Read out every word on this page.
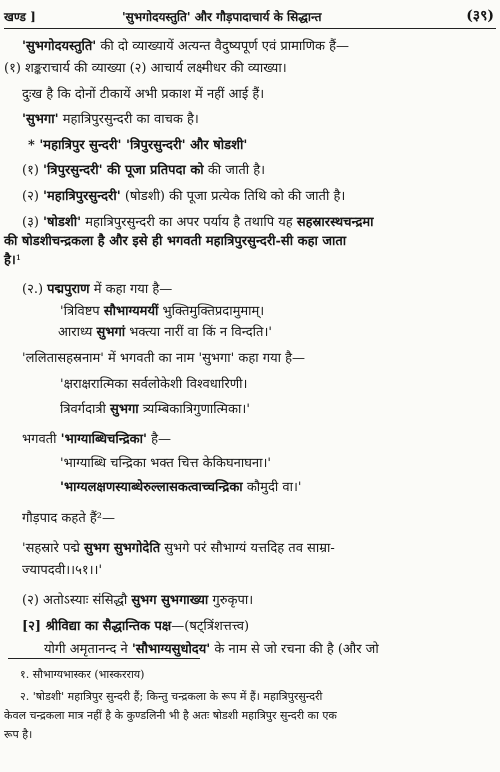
खण्ड ]	'सुभगोदयस्तुति' और गौड़पादाचार्य के सिद्धान्त	(३९)
'सुभगोदयस्तुति' की दो व्याख्यायें अत्यन्त वैदुष्यपूर्ण एवं प्रामाणिक हैं—
(१) शङ्कराचार्य की व्याख्या (२) आचार्य लक्ष्मीधर की व्याख्या।
दुःख है कि दोनों टीकायें अभी प्रकाश में नहीं आई हैं।
'सुभगा' महात्रिपुरसुन्दरी का वाचक है।
* 'महात्रिपुर सुन्दरी' 'त्रिपुरसुन्दरी' और षोडशी'
(१) 'त्रिपुरसुन्दरी' की पूजा प्रतिपदा को की जाती है।
(२) 'महात्रिपुरसुन्दरी' (षोडशी) की पूजा प्रत्येक तिथि को की जाती है।
(३) 'षोडशी' महात्रिपुरसुन्दरी का अपर पर्याय है तथापि यह सहस्रारस्थचन्द्रमा
की षोडशीचन्द्रकला है और इसे ही भगवती महात्रिपुरसुन्दरी-सी कहा जाता
है।¹
(२.) पद्मपुराण में कहा गया है—
'त्रिविष्टप सौभाग्यमयीं भुक्तिमुक्तिप्रदामुमाम्।
आराध्य सुभगां भक्त्या नारीं वा किं न विन्दति।'
'ललितासहस्रनाम' में भगवती का नाम 'सुभगा' कहा गया है—
'क्षराक्षरात्मिका सर्वलोकेशी विश्वधारिणी।
त्रिवर्गदात्री सुभगा त्र्यम्बिकात्रिगुणात्मिका।'
भगवती 'भाग्याब्धिचन्द्रिका' है—
'भाग्याब्धि चन्द्रिका भक्त चित्त केकिघनाघना।'
'भाग्यलक्षणस्याब्धेरुल्लासकत्वाच्चन्द्रिका कौमुदी वा।'
गौड़पाद कहते हैं²—
'सहस्रारे पद्मे सुभग सुभगोदेति सुभगे परं सौभाग्यं यत्तदिह तव साम्रा-
ज्यापदवी।।५१।।'
(२) अतोऽस्याः संसिद्धौ सुभग सुभगाख्या गुरुकृपा।
[२] श्रीविद्या का सैद्धान्तिक पक्ष—(षट्त्रिंशत्तत्त्व)
योगी अमृतानन्द ने 'सौभाग्यसुधोदय' के नाम से जो रचना की है (और जो
१. सौभाग्यभास्कर (भास्करराय)
२. 'षोडशी' महात्रिपुर सुन्दरी हैं; किन्तु चन्द्रकला के रूप में हैं। महात्रिपुरसुन्दरी
केवल चन्द्रकला मात्र नहीं है के कुण्डलिनी भी है अतः षोडशी महात्रिपुर सुन्दरी का एक
रूप है।
